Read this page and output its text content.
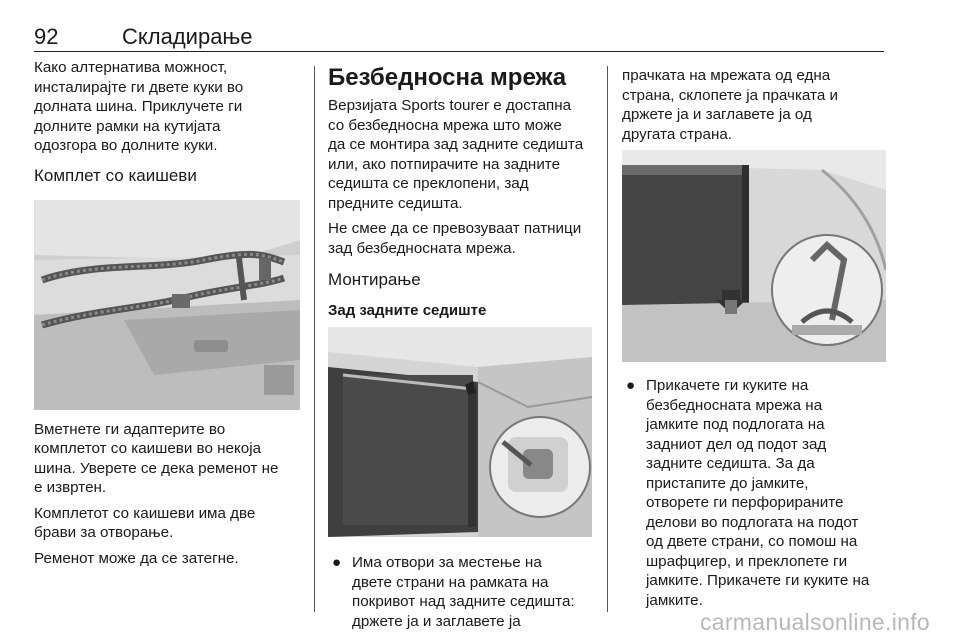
92	Складирање

Како алтернатива можност,
инсталирајте ги двете куки во
долната шина. Приклучете ги
долните рамки на кутијата
одозгора во долните куки.

Комплет со каишеви

Вметнете ги адаптерите во
комплетот со каишеви во некоја
шина. Уверете се дека ременот не
е извртен.

Комплетот со каишеви има две
брави за отворање.

Ременот може да се затегне.

Безбедносна мрежа

Верзијата Sports tourer е достапна
со безбедносна мрежа што може
да се монтира зад задните седишта
или, ако потпирачите на задните
седишта се преклопени, зад
предните седишта.

Не смее да се превозуваат патници
зад безбедносната мрежа.

Монтирање
Зад задните седиште
● Има отвори за местење на
двете страни на рамката на
покривот над задните седишта:
држете ја и заглавете ја

прачката на мрежата од една
страна, склопете ја прачката и
држете ја и заглавете ја од
другата страна.

● Прикачете ги куките на
безбедносната мрежа на
јамките под подлогата на
задниот дел од подот зад
задните седишта. За да
пристапите до јамките,
отворете ги перфорираните
делови во подлогата на подот
од двете страни, со помош на
шрафцигер, и преклопете ги
јамките. Прикачете ги куките на
јамките.
carmanualsonline.info
